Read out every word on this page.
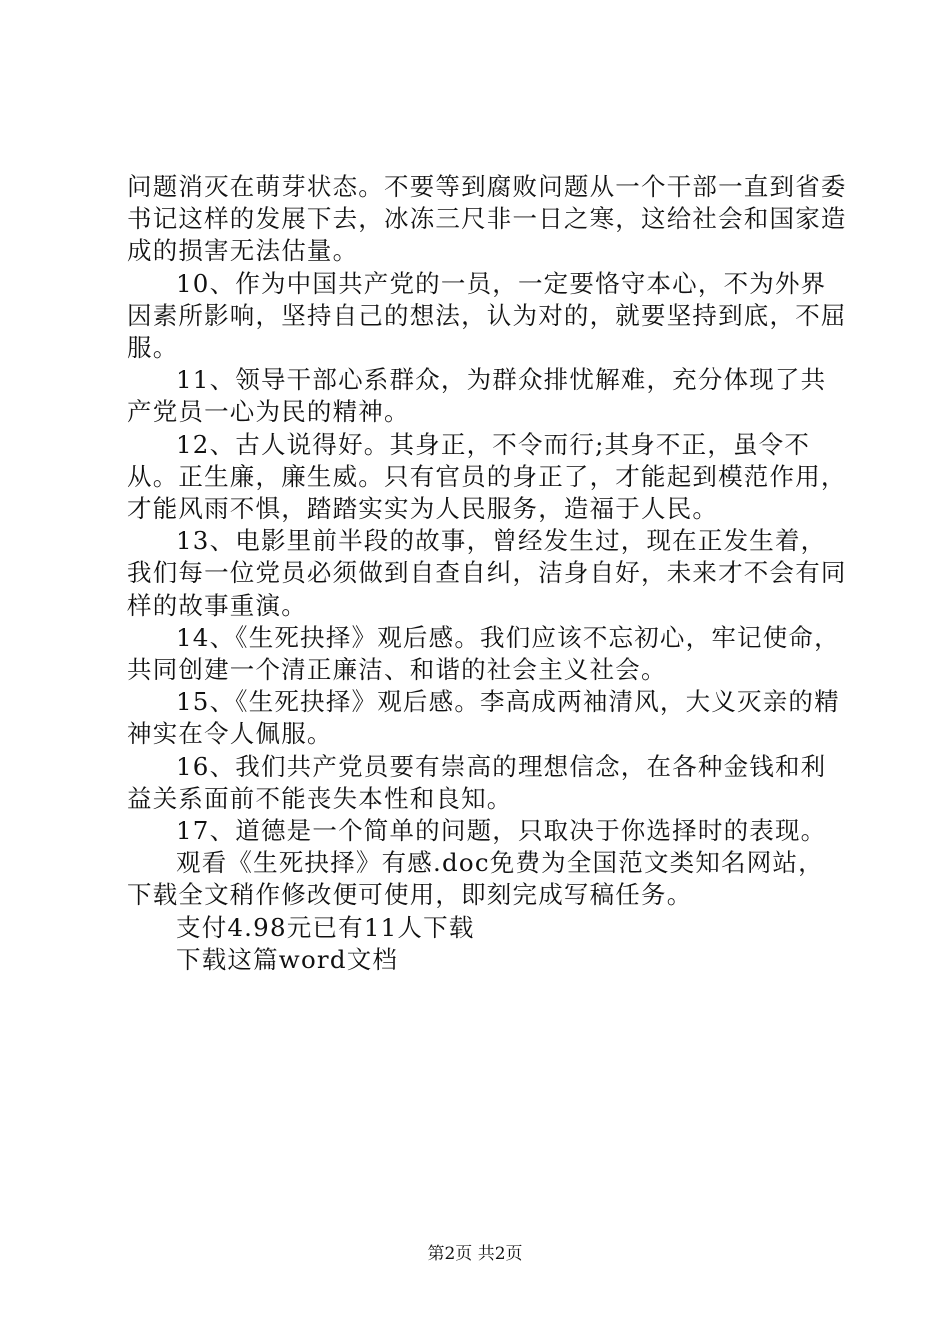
问题消灭在萌芽状态。不要等到腐败问题从一个干部一直到省委书记这样的发展下去，冰冻三尺非一日之寒，这给社会和国家造成的损害无法估量。

10、作为中国共产党的一员，一定要恪守本心，不为外界因素所影响，坚持自己的想法，认为对的，就要坚持到底，不屈服。

11、领导干部心系群众，为群众排忧解难，充分体现了共产党员一心为民的精神。

12、古人说得好。其身正，不令而行;其身不正，虽令不从。正生廉，廉生威。只有官员的身正了，才能起到模范作用，才能风雨不惧，踏踏实实为人民服务，造福于人民。

13、电影里前半段的故事，曾经发生过，现在正发生着，我们每一位党员必须做到自查自纠，洁身自好，未来才不会有同样的故事重演。

14、《生死抉择》观后感。我们应该不忘初心，牢记使命，共同创建一个清正廉洁、和谐的社会主义社会。

15、《生死抉择》观后感。李高成两袖清风，大义灭亲的精神实在令人佩服。

16、我们共产党员要有崇高的理想信念，在各种金钱和利益关系面前不能丧失本性和良知。

17、道德是一个简单的问题，只取决于你选择时的表现。

观看《生死抉择》有感.doc免费为全国范文类知名网站，下载全文稍作修改便可使用，即刻完成写稿任务。

支付4.98元已有11人下载

下载这篇word文档

第2页 共2页
